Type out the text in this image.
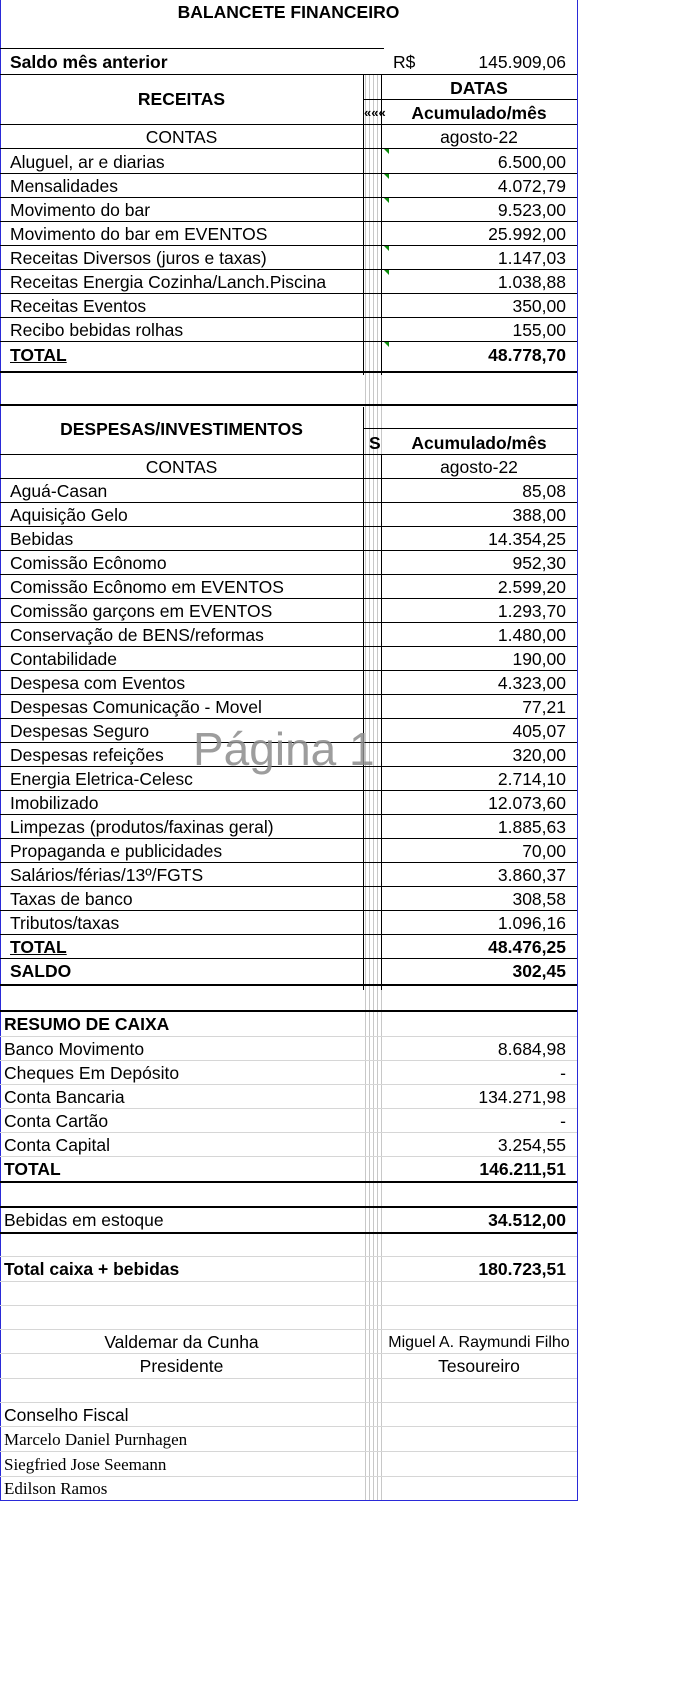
BALANCETE FINANCEIRO
Saldo mês anterior	R$	145.909,06
RECEITAS
DATAS
«««	Acumulado/mês
CONTAS	agosto-22
Aluguel, ar e diarias	6.500,00
Mensalidades	4.072,79
Movimento do bar	9.523,00
Movimento do bar em EVENTOS	25.992,00
Receitas Diversos (juros e taxas)	1.147,03
Receitas Energia Cozinha/Lanch.Piscina	1.038,88
Receitas Eventos	350,00
Recibo bebidas rolhas	155,00
TOTAL	48.778,70
DESPESAS/INVESTIMENTOS
S	Acumulado/mês
CONTAS	agosto-22
Aguá-Casan	85,08
Aquisição Gelo	388,00
Bebidas	14.354,25
Comissão Ecônomo	952,30
Comissão Ecônomo em EVENTOS	2.599,20
Comissão garçons em EVENTOS	1.293,70
Conservação de BENS/reformas	1.480,00
Contabilidade	190,00
Despesa com Eventos	4.323,00
Despesas Comunicação - Movel	77,21
Despesas Seguro	405,07
Despesas refeições	320,00
Energia Eletrica-Celesc	2.714,10
Imobilizado	12.073,60
Limpezas (produtos/faxinas geral)	1.885,63
Propaganda e publicidades	70,00
Salários/férias/13º/FGTS	3.860,37
Taxas de banco	308,58
Tributos/taxas	1.096,16
TOTAL	48.476,25
SALDO	302,45
RESUMO DE CAIXA
Banco Movimento	8.684,98
Cheques Em Depósito	-
Conta Bancaria	134.271,98
Conta Cartão	-
Conta Capital	3.254,55
TOTAL	146.211,51
Bebidas em estoque	34.512,00
Total caixa + bebidas	180.723,51
Valdemar da Cunha	Miguel A. Raymundi Filho
Presidente	Tesoureiro
Conselho Fiscal
Marcelo Daniel Purnhagen
Siegfried Jose Seemann
Edilson Ramos
Página 1
